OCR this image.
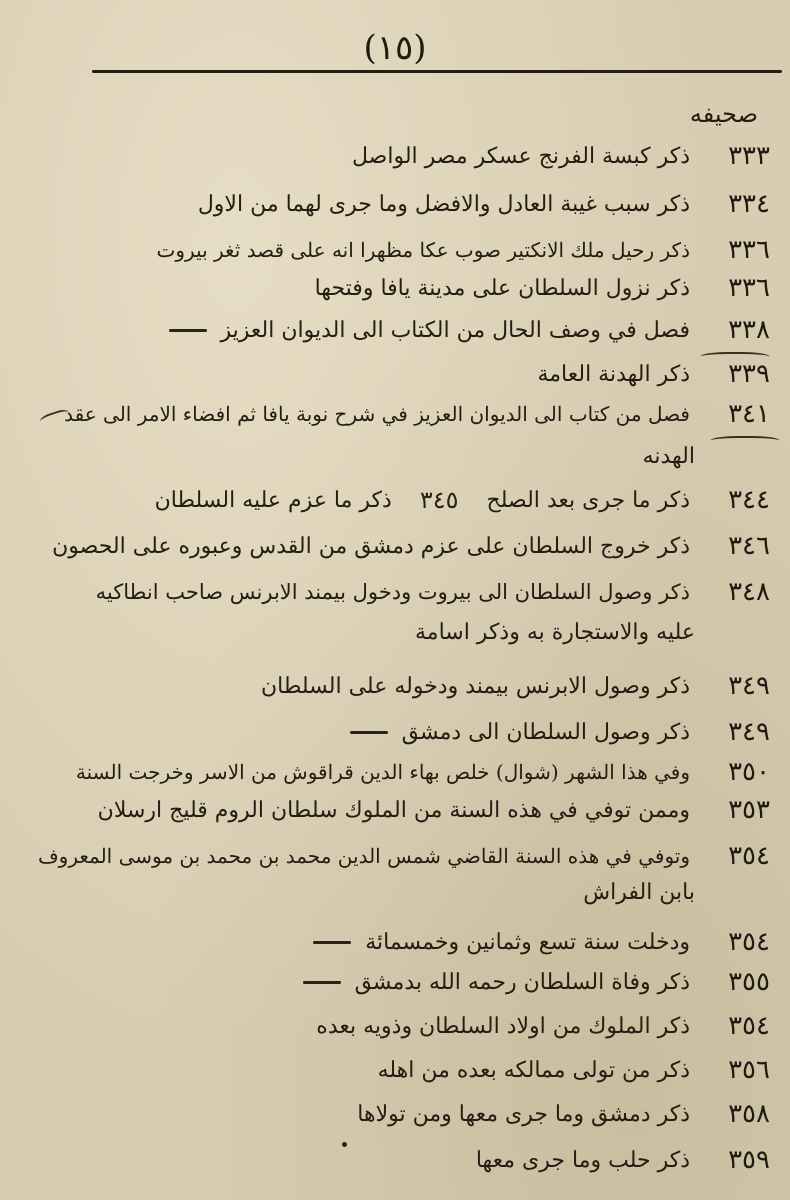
(١٥)
صحيفه
ذكر كبسة الفرنج عسكر مصر الواصل	٣٣٣
ذكر سبب غيبة العادل والافضل وما جرى لهما من الاول	٣٣٤
ذكر رحيل ملك الانكتير صوب عكا مظهرا انه على قصد ثغر بيروت	٣٣٦
ذكر نزول السلطان على مدينة يافا وفتحها	٣٣٦
فصل في وصف الحال من الكتاب الى الديوان العزيز	٣٣٨
ذكر الهدنة العامة	٣٣٩
فصل من كتاب الى الديوان العزيز في شرح نوبة يافا ثم افضاء الامر الى عقد	٣٤١
الهدنه
ذكر ما عزم عليه السلطان ٣٤٥ ذكر ما جرى بعد الصلح	٣٤٤
ذكر خروج السلطان على عزم دمشق من القدس وعبوره على الحصون	٣٤٦
ذكر وصول السلطان الى بيروت ودخول بيمند الابرنس صاحب انطاكيه	٣٤٨
عليه والاستجارة به وذكر اسامة
ذكر وصول الابرنس بيمند ودخوله على السلطان	٣٤٩
ذكر وصول السلطان الى دمشق	٣٤٩
وفي هذا الشهر (شوال) خلص بهاء الدين قراقوش من الاسر وخرجت السنة	٣٥٠
وممن توفي في هذه السنة من الملوك سلطان الروم قليج ارسلان	٣٥٣
وتوفي في هذه السنة القاضي شمس الدين محمد بن محمد بن موسى المعروف	٣٥٤
بابن الفراش
ودخلت سنة تسع وثمانين وخمسمائة	٣٥٤
ذكر وفاة السلطان رحمه الله بدمشق	٣٥٥
ذكر الملوك من اولاد السلطان وذويه بعده	٣٥٤
ذكر من تولى ممالكه بعده من اهله	٣٥٦
ذكر دمشق وما جرى معها ومن تولاها	٣٥٨
ذكر حلب وما جرى معها	٣٥٩
